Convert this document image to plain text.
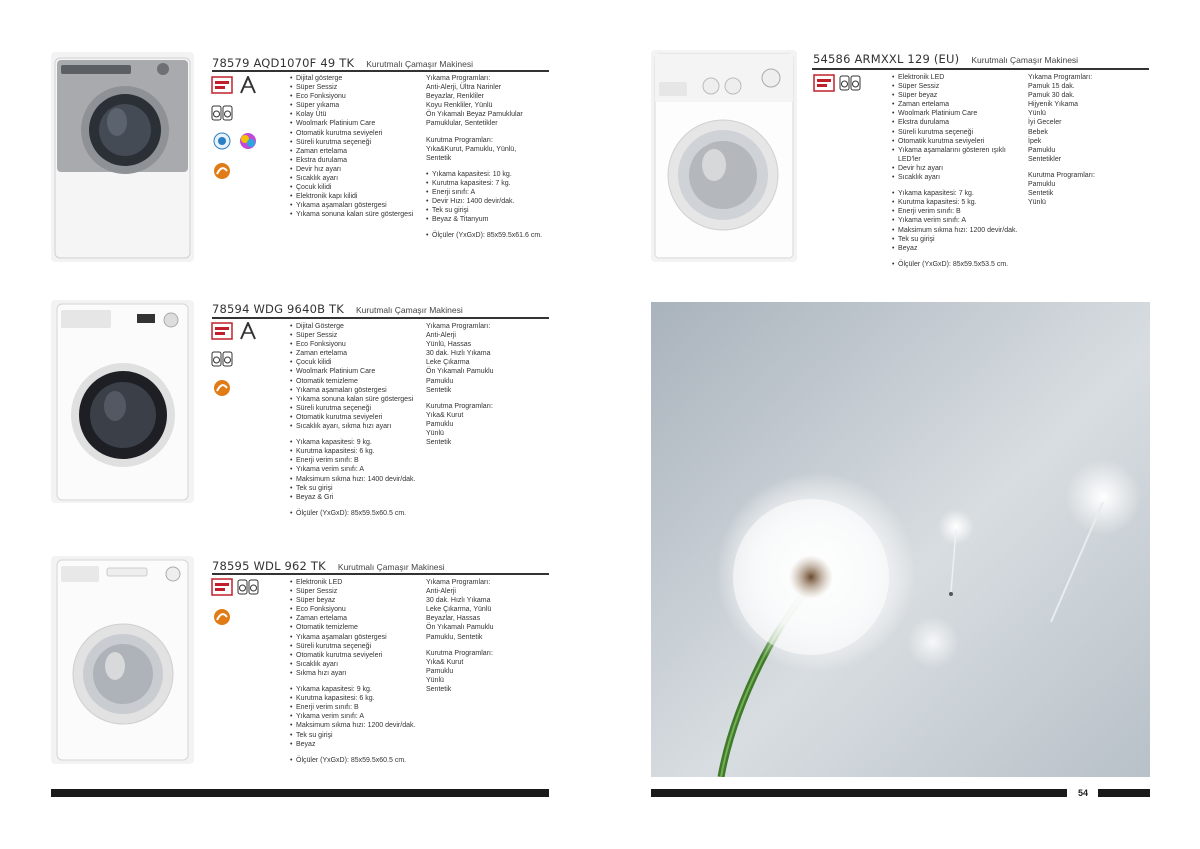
78579 AQD1070F 49 TK Kurutmalı Çamaşır Makinesi
• Dijital gösterge
• Süper Sessiz
• Eco Fonksiyonu
• Süper yıkama
• Kolay Ütü
• Woolmark Platinium Care
• Otomatik kurutma seviyeleri
• Süreli kurutma seçeneği
• Zaman ertelama
• Ekstra durulama
• Devir hız ayarı
• Sıcaklık ayarı
• Çocuk kilidi
• Elektronik kapı kilidi
• Yıkama aşamaları göstergesi
• Yıkama sonuna kalan süre göstergesi
Yıkama Programları:
Anti-Alerji, Ültra Narinler
Beyazlar, Renkliler
Koyu Renkliler, Yünlü
Ön Yıkamalı Beyaz Pamuklular
Pamuklular, Sentetikler
Kurutma Programları:
Yıka&Kurut, Pamuklu, Yünlü,
Sentetik
• Yıkama kapasitesi: 10 kg.
• Kurutma kapasitesi: 7 kg.
• Enerji sınıfı: A
• Devir Hızı: 1400 devir/dak.
• Tek su girişi
• Beyaz & Titanyum
• Ölçüler (YxGxD): 85x59.5x61.6 cm.
78594 WDG 9640B TK Kurutmalı Çamaşır Makinesi
• Dijital Gösterge
• Süper Sessiz
• Eco Fonksiyonu
• Zaman ertelama
• Çocuk kilidi
• Woolmark Platinium Care
• Otomatik temizleme
• Yıkama aşamaları göstergesi
• Yıkama sonuna kalan süre göstergesi
• Süreli kurutma seçeneği
• Otomatik kurutma seviyeleri
• Sıcaklık ayarı, sıkma hızı ayarı
• Yıkama kapasitesi: 9 kg.
• Kurutma kapasitesi: 6 kg.
• Enerji verim sınıfı: B
• Yıkama verim sınıfı: A
• Maksimum sıkma hızı: 1400 devir/dak.
• Tek su girişi
• Beyaz & Gri
• Ölçüler (YxGxD): 85x59.5x60.5 cm.
Yıkama Programları:
Anti-Alerji
Yünlü, Hassas
30 dak. Hızlı Yıkama
Leke Çıkarma
Ön Yıkamalı Pamuklu
Pamuklu
Sentetik
Kurutma Programları:
Yıka& Kurut
Pamuklu
Yünlü
Sentetik
78595 WDL 962 TK Kurutmalı Çamaşır Makinesi
• Elektronik LED
• Süper Sessiz
• Süper beyaz
• Eco Fonksiyonu
• Zaman ertelama
• Otomatik temizleme
• Yıkama aşamaları göstergesi
• Süreli kurutma seçeneği
• Otomatik kurutma seviyeleri
• Sıcaklık ayarı
• Sıkma hızı ayarı
• Yıkama kapasitesi: 9 kg.
• Kurutma kapasitesi: 6 kg.
• Enerji verim sınıfı: B
• Yıkama verim sınıfı: A
• Maksimum sıkma hızı: 1200 devir/dak.
• Tek su girişi
• Beyaz
• Ölçüler (YxGxD): 85x59.5x60.5 cm.
Yıkama Programları:
Anti-Alerji
30 dak. Hızlı Yıkama
Leke Çıkarma, Yünlü
Beyazlar, Hassas
Ön Yıkamalı Pamuklu
Pamuklu, Sentetik
Kurutma Programları:
Yıka& Kurut
Pamuklu
Yünlü
Sentetik
54586 ARMXXL 129 (EU) Kurutmalı Çamaşır Makinesi
• Elektronik LED
• Süper Sessiz
• Süper beyaz
• Zaman ertelama
• Woolmark Platinium Care
• Ekstra durulama
• Süreli kurutma seçeneği
• Otomatik kurutma seviyeleri
• Yıkama aşamalarını gösteren ışıklı LED'ler
• Devir hız ayarı
• Sıcaklık ayarı
• Yıkama kapasitesi: 7 kg.
• Kurutma kapasitesi: 5 kg.
• Enerji verim sınıfı: B
• Yıkama verim sınıfı: A
• Maksimum sıkma hızı: 1200 devir/dak.
• Tek su girişi
• Beyaz
• Ölçüler (YxGxD): 85x59.5x53.5 cm.
Yıkama Programları:
Pamuk 15 dak.
Pamuk 30 dak.
Hijyenik Yıkama
Yünlü
İyi Geceler
Bebek
İpek
Pamuklu
Sentetikler
Kurutma Programları:
Pamuklu
Sentetik
Yünlü
54
